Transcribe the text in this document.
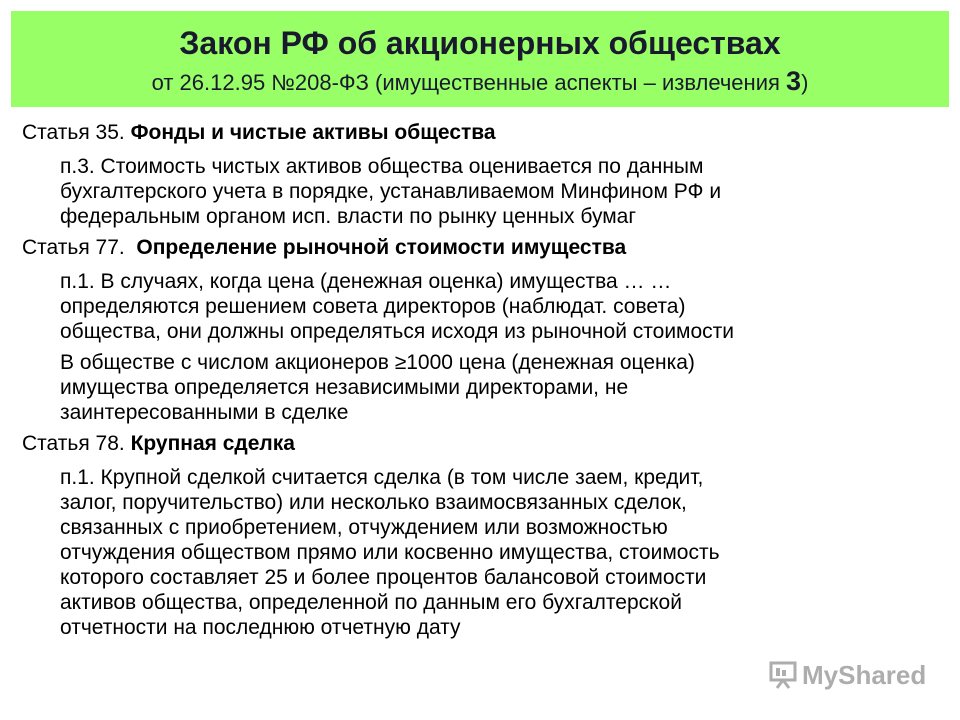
Закон РФ об акционерных обществах
от 26.12.95 №208-ФЗ (имущественные аспекты – извлечения 3)
Статья 35. Фонды и чистые активы общества
п.3. Стоимость чистых активов общества оценивается по данным
бухгалтерского учета в порядке, устанавливаемом Минфином РФ и
федеральным органом исп. власти по рынку ценных бумаг
Статья 77.  Определение рыночной стоимости имущества
п.1. В случаях, когда цена (денежная оценка) имущества … …
определяются решением совета директоров (наблюдат. совета)
общества, они должны определяться исходя из рыночной стоимости
В обществе с числом акционеров ≥1000 цена (денежная оценка)
имущества определяется независимыми директорами, не
заинтересованными в сделке
Статья 78. Крупная сделка
п.1. Крупной сделкой считается сделка (в том числе заем, кредит,
залог, поручительство) или несколько взаимосвязанных сделок,
связанных с приобретением, отчуждением или возможностью
отчуждения обществом прямо или косвенно имущества, стоимость
которого составляет 25 и более процентов балансовой стоимости
активов общества, определенной по данным его бухгалтерской
отчетности на последнюю отчетную дату
MyShared
